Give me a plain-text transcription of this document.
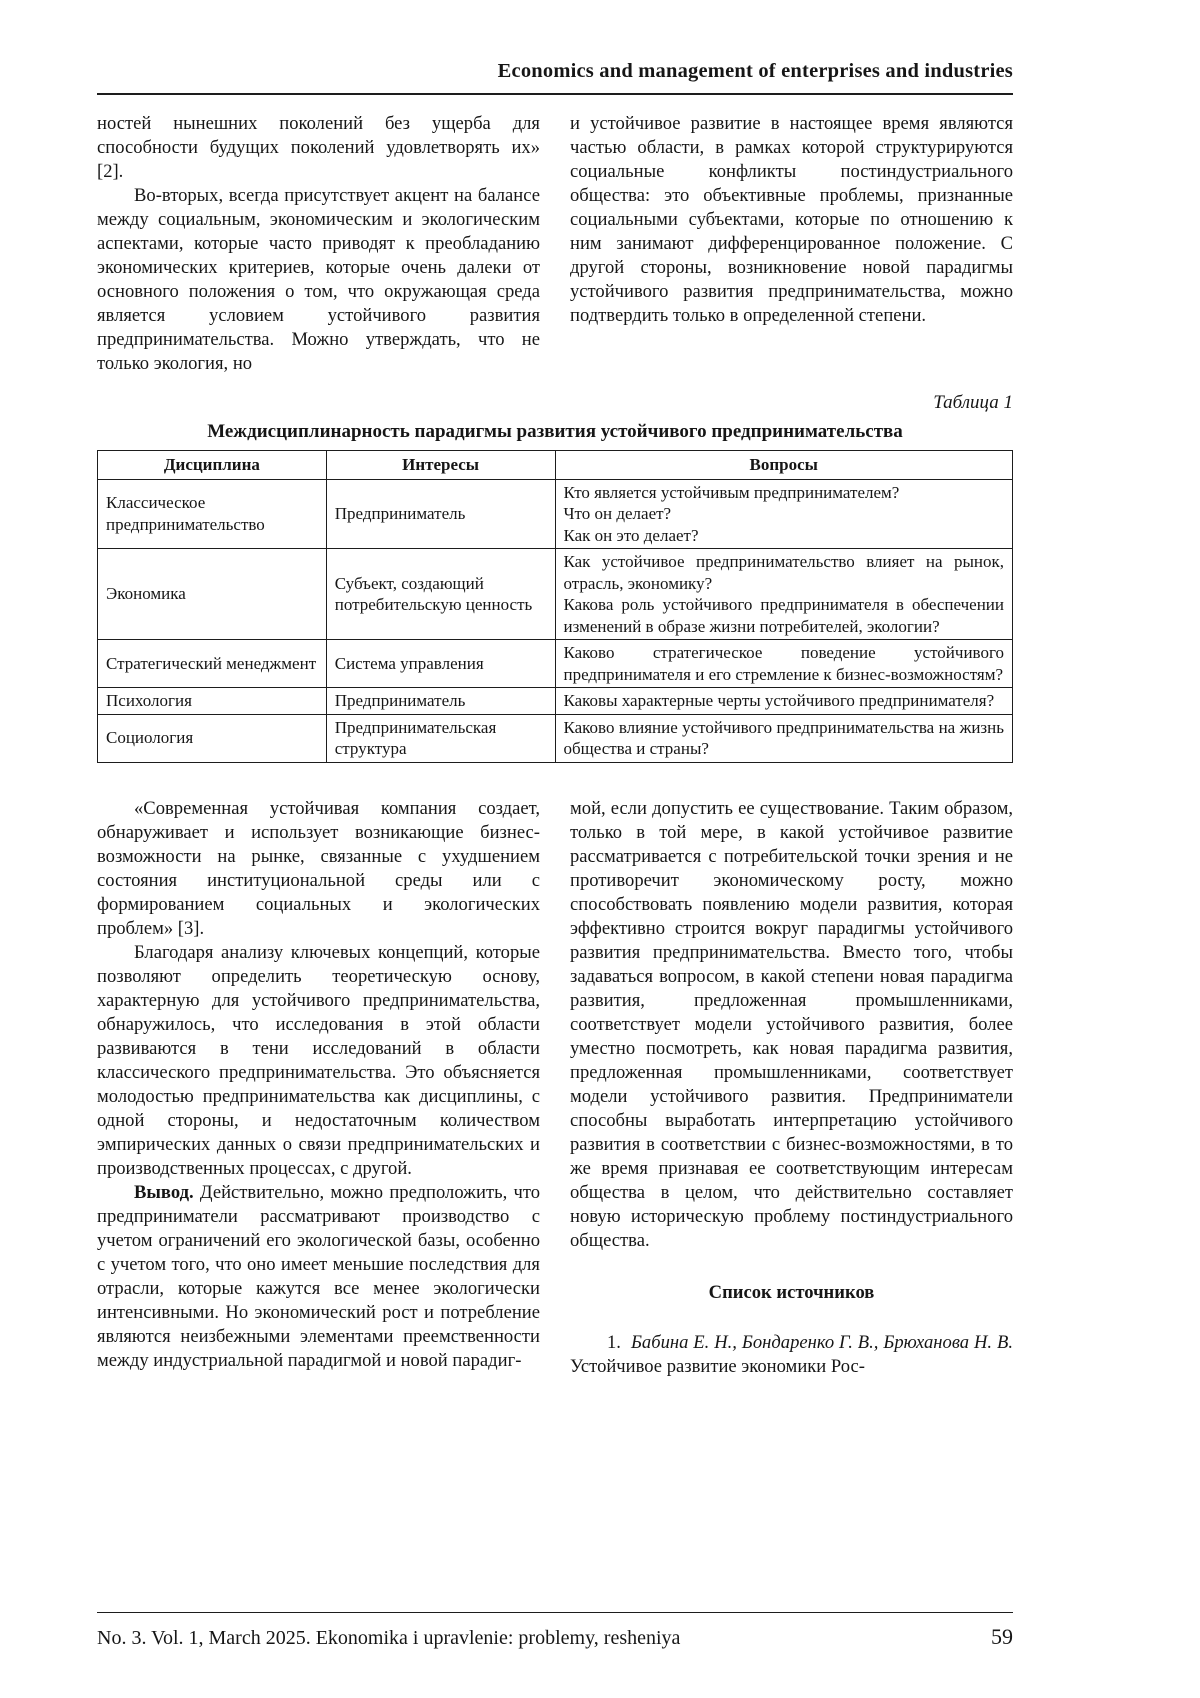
Economics and management of enterprises and industries

ностей нынешних поколений без ущерба для способности будущих поколений удовлетворять их» [2].

Во-вторых, всегда присутствует акцент на балансе между социальным, экономическим и экологическим аспектами, которые часто приводят к преобладанию экономических критериев, которые очень далеки от основного положения о том, что окружающая среда является условием устойчивого развития предпринимательства. Можно утверждать, что не только экология, но

и устойчивое развитие в настоящее время являются частью области, в рамках которой структурируются социальные конфликты постиндустриального общества: это объективные проблемы, признанные социальными субъектами, которые по отношению к ним занимают дифференцированное положение. С другой стороны, возникновение новой парадигмы устойчивого развития предпринимательства, можно подтвердить только в определенной степени.

Таблица 1
Междисциплинарность парадигмы развития устойчивого предпринимательства
Дисциплина	Интересы	Вопросы
Классическое предпринимательство	Предприниматель	Кто является устойчивым предпринимателем?
Что он делает?
Как он это делает?
Экономика	Субъект, создающий потребительскую ценность	Как устойчивое предпринимательство влияет на рынок, отрасль, экономику?
Какова роль устойчивого предпринимателя в обеспечении изменений в образе жизни потребителей, экологии?
Стратегический менеджмент	Система управления	Каково стратегическое поведение устойчивого предпринимателя и его стремление к бизнес-возможностям?
Психология	Предприниматель	Каковы характерные черты устойчивого предпринимателя?
Социология	Предпринимательская структура	Каково влияние устойчивого предпринимательства на жизнь общества и страны?

«Современная устойчивая компания создает, обнаруживает и использует возникающие бизнес-возможности на рынке, связанные с ухудшением состояния институциональной среды или с формированием социальных и экологических проблем» [3].

Благодаря анализу ключевых концепций, которые позволяют определить теоретическую основу, характерную для устойчивого предпринимательства, обнаружилось, что исследования в этой области развиваются в тени исследований в области классического предпринимательства. Это объясняется молодостью предпринимательства как дисциплины, с одной стороны, и недостаточным количеством эмпирических данных о связи предпринимательских и производственных процессах, с другой.

Вывод. Действительно, можно предположить, что предприниматели рассматривают производство с учетом ограничений его экологической базы, особенно с учетом того, что оно имеет меньшие последствия для отрасли, которые кажутся все менее экологически интенсивными. Но экономический рост и потребление являются неизбежными элементами преемственности между индустриальной парадигмой и новой парадиг-

мой, если допустить ее существование. Таким образом, только в той мере, в какой устойчивое развитие рассматривается с потребительской точки зрения и не противоречит экономическому росту, можно способствовать появлению модели развития, которая эффективно строится вокруг парадигмы устойчивого развития предпринимательства. Вместо того, чтобы задаваться вопросом, в какой степени новая парадигма развития, предложенная промышленниками, соответствует модели устойчивого развития, более уместно посмотреть, как новая парадигма развития, предложенная промышленниками, соответствует модели устойчивого развития. Предприниматели способны выработать интерпретацию устойчивого развития в соответствии с бизнес-возможностями, в то же время признавая ее соответствующим интересам общества в целом, что действительно составляет новую историческую проблему постиндустриального общества.

Список источников

1. Бабина Е. Н., Бондаренко Г. В., Брюханова Н. В. Устойчивое развитие экономики Рос-

No. 3. Vol. 1, March 2025. Ekonomika i upravlenie: problemy, resheniya	59
